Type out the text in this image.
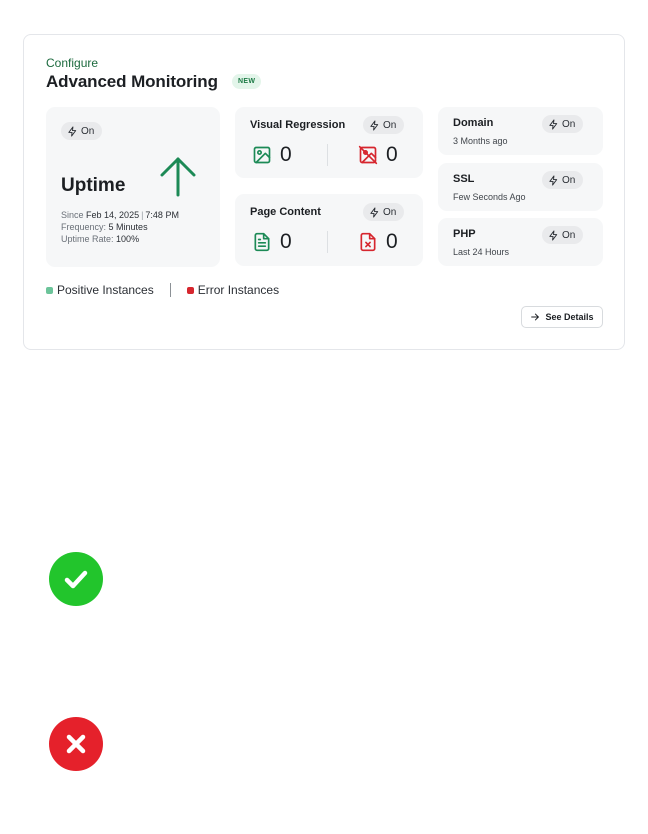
Configure
Advanced Monitoring	NEW
On
Uptime
Since Feb 14, 2025 | 7:48 PM
Frequency: 5 Minutes
Uptime Rate: 100%
Visual Regression	On
0	0
Page Content	On
0	0
Domain
3 Months ago
On
SSL
Few Seconds Ago
On
PHP
Last 24 Hours
On
Positive Instances	Error Instances
See Details
